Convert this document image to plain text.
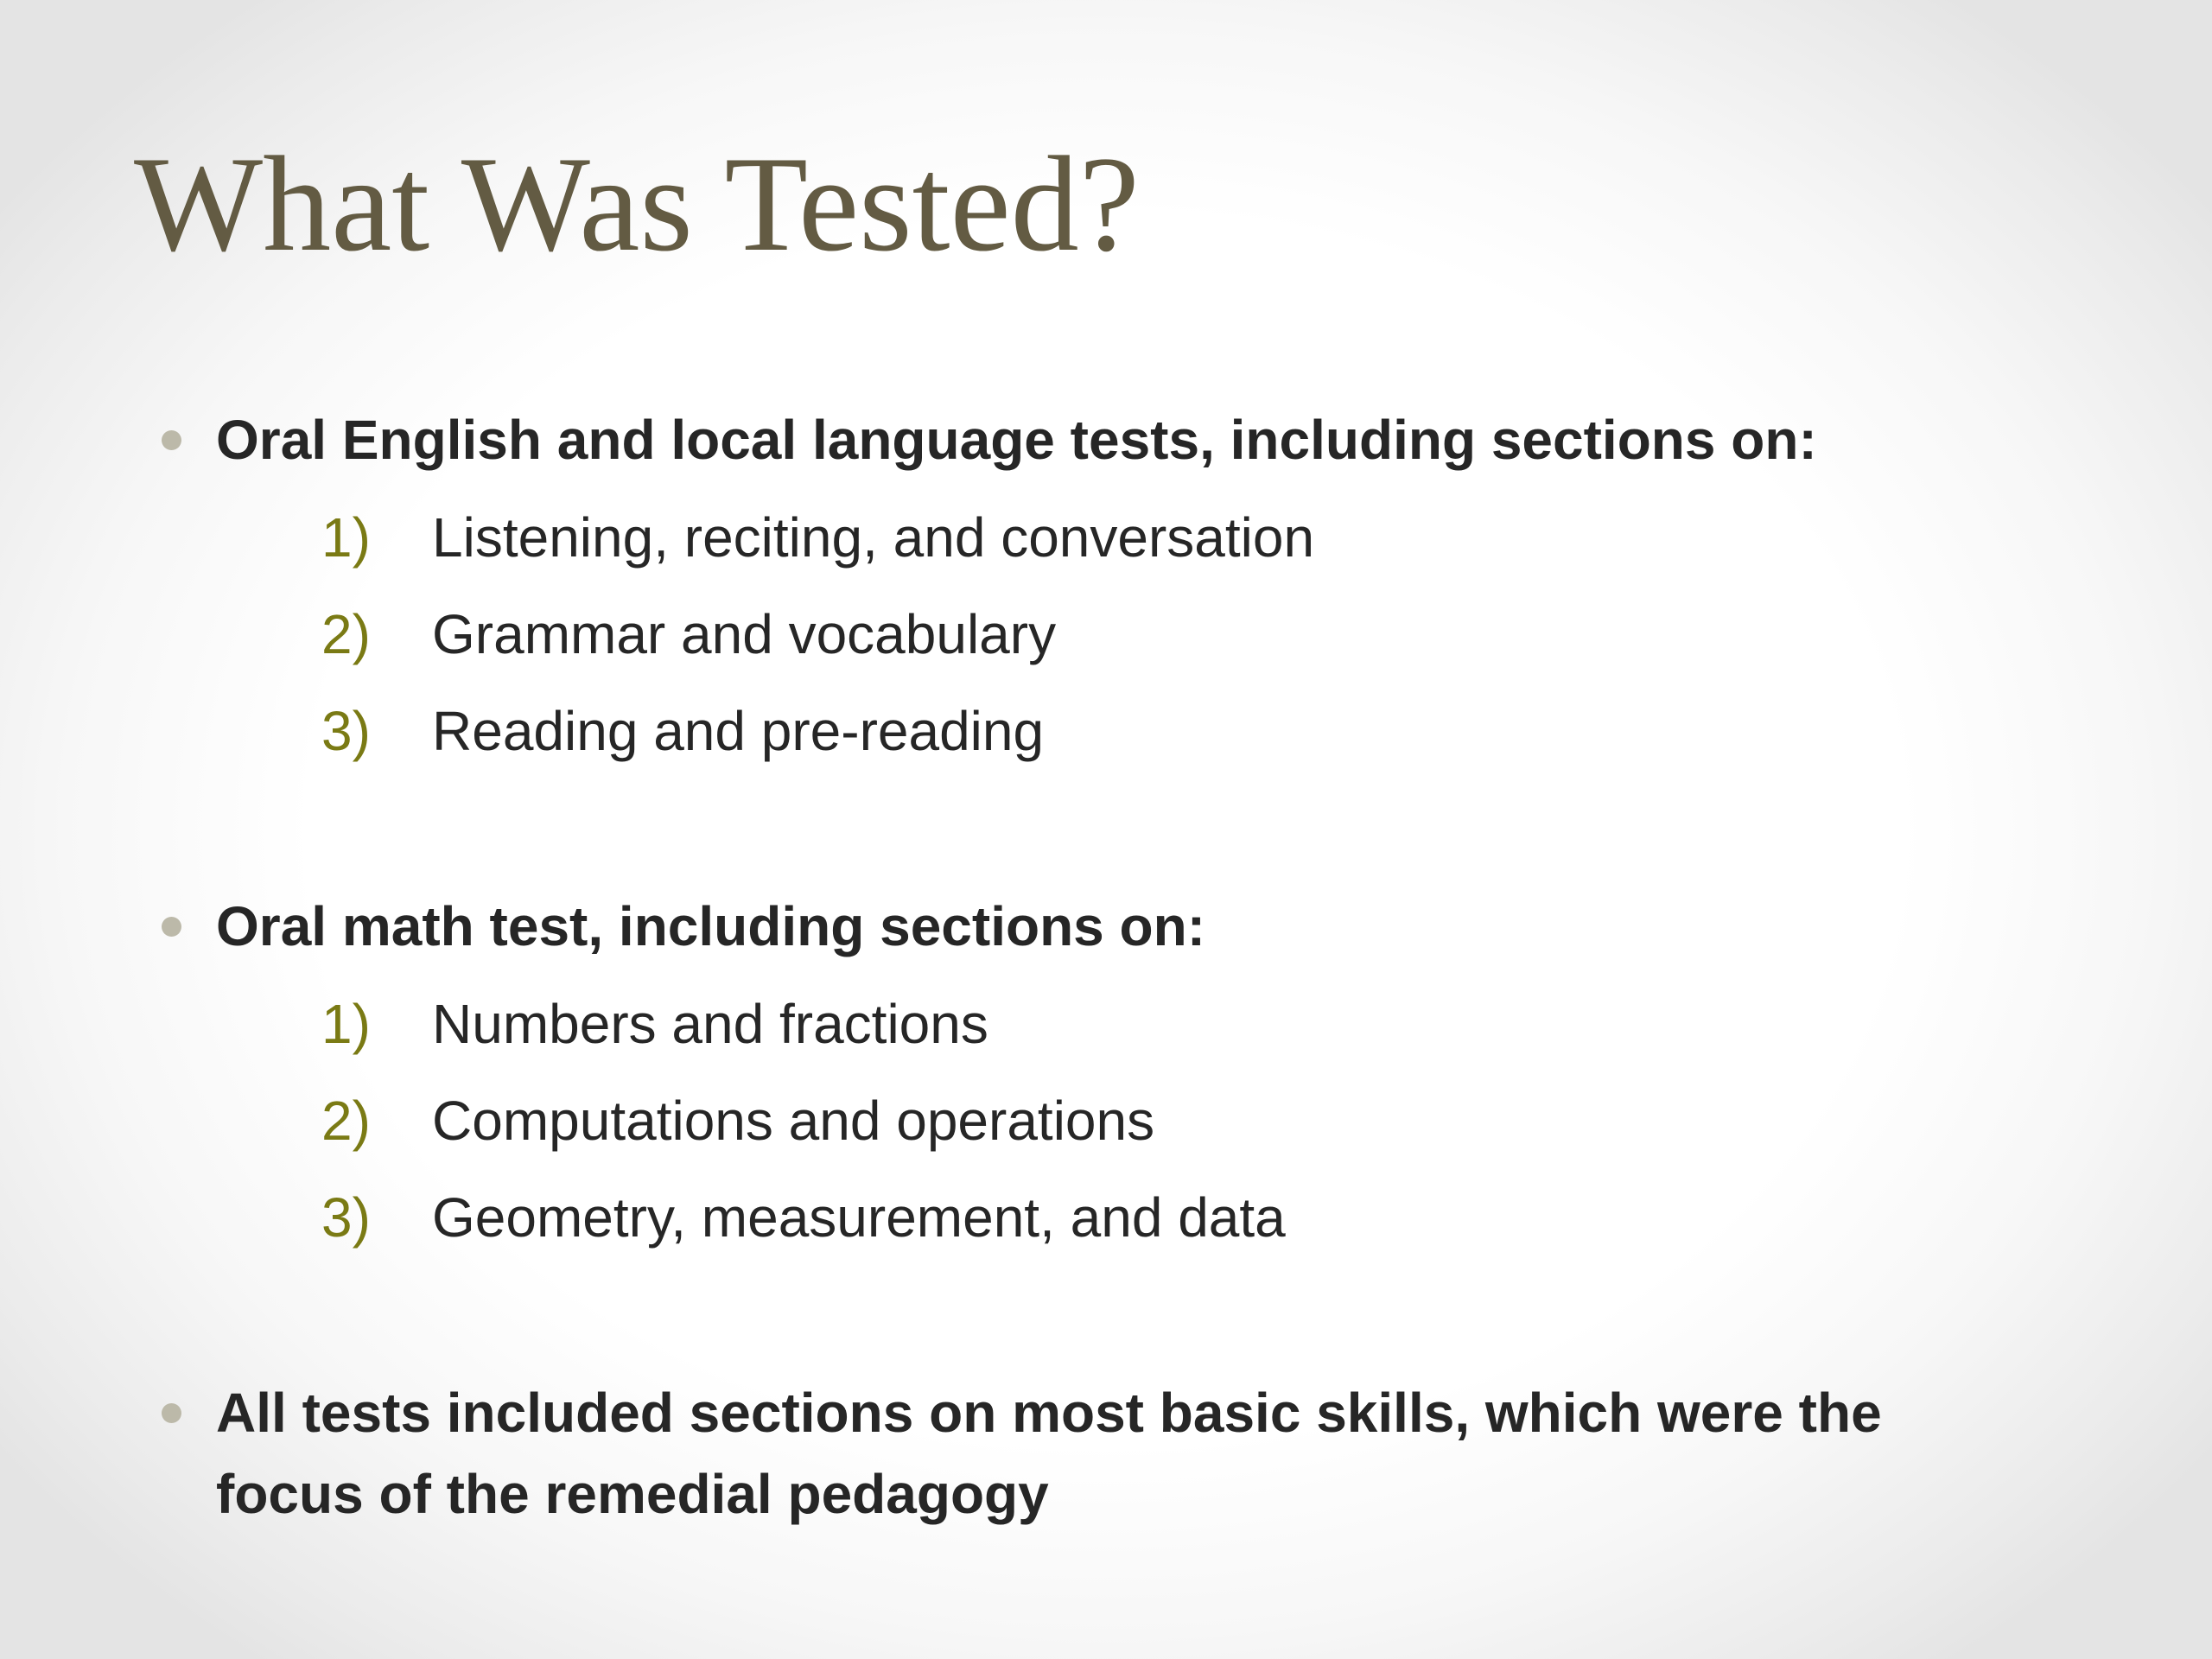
What Was Tested?

Oral English and local language tests, including sections on:

1) Listening, reciting, and conversation
2) Grammar and vocabulary
3) Reading and pre-reading

Oral math test, including sections on:

1) Numbers and fractions
2) Computations and operations
3) Geometry, measurement, and data

All tests included sections on most basic skills, which were the focus of the remedial pedagogy
